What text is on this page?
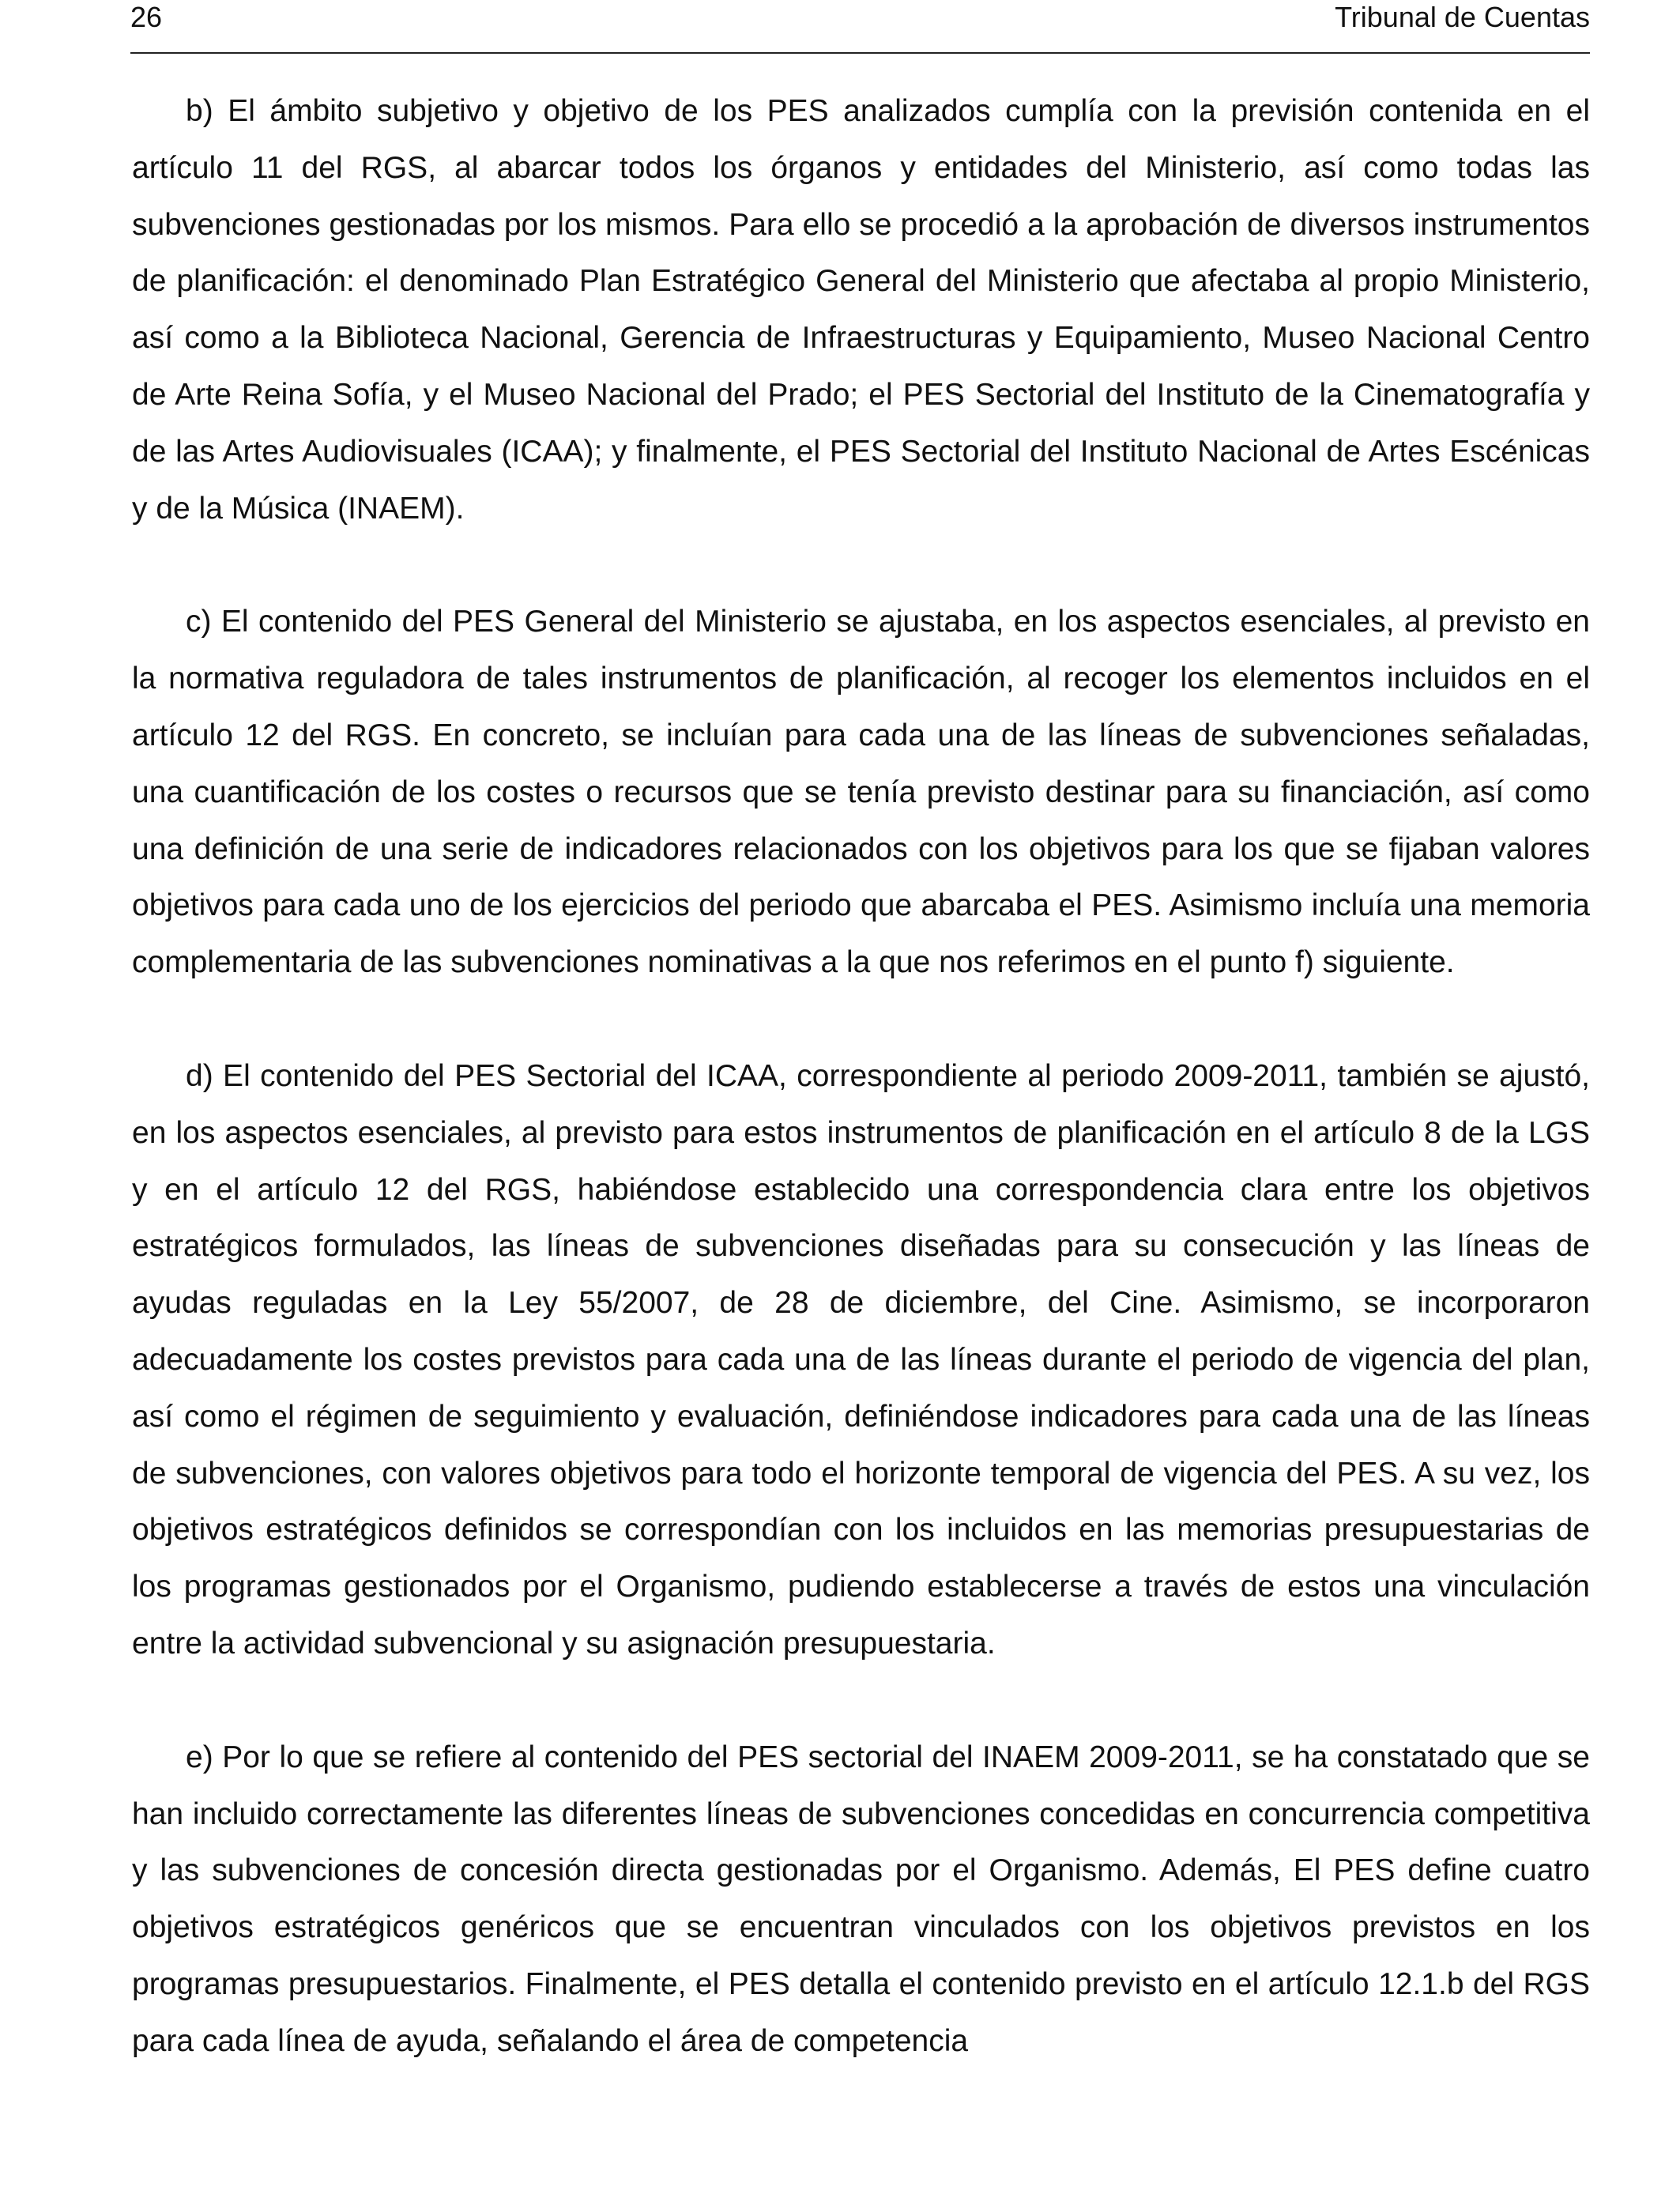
26	Tribunal de Cuentas

b) El ámbito subjetivo y objetivo de los PES analizados cumplía con la previsión contenida en el artículo 11 del RGS, al abarcar todos los órganos y entidades del Ministerio, así como todas las subvenciones gestionadas por los mismos. Para ello se procedió a la aprobación de diversos instrumentos de planificación: el denominado Plan Estratégico General del Ministerio que afectaba al propio Ministerio, así como a la Biblioteca Nacional, Gerencia de Infraestructuras y Equipamiento, Museo Nacional Centro de Arte Reina Sofía, y el Museo Nacional del Prado; el PES Sectorial del Instituto de la Cinematografía y de las Artes Audiovisuales (ICAA); y finalmente, el PES Sectorial del Instituto Nacional de Artes Escénicas y de la Música (INAEM).

c) El contenido del PES General del Ministerio se ajustaba, en los aspectos esenciales, al previsto en la normativa reguladora de tales instrumentos de planificación, al recoger los elementos incluidos en el artículo 12 del RGS. En concreto, se incluían para cada una de las líneas de subvenciones señaladas, una cuantificación de los costes o recursos que se tenía previsto destinar para su financiación, así como una definición de una serie de indicadores relacionados con los objetivos para los que se fijaban valores objetivos para cada uno de los ejercicios del periodo que abarcaba el PES. Asimismo incluía una memoria complementaria de las subvenciones nominativas a la que nos referimos en el punto f) siguiente.

d) El contenido del PES Sectorial del ICAA, correspondiente al periodo 2009-2011, también se ajustó, en los aspectos esenciales, al previsto para estos instrumentos de planificación en el artículo 8 de la LGS y en el artículo 12 del RGS, habiéndose establecido una correspondencia clara entre los objetivos estratégicos formulados, las líneas de subvenciones diseñadas para su consecución y las líneas de ayudas reguladas en la Ley 55/2007, de 28 de diciembre, del Cine. Asimismo, se incorporaron adecuadamente los costes previstos para cada una de las líneas durante el periodo de vigencia del plan, así como el régimen de seguimiento y evaluación, definiéndose indicadores para cada una de las líneas de subvenciones, con valores objetivos para todo el horizonte temporal de vigencia del PES. A su vez, los objetivos estratégicos definidos se correspondían con los incluidos en las memorias presupuestarias de los programas gestionados por el Organismo, pudiendo establecerse a través de estos una vinculación entre la actividad subvencional y su asignación presupuestaria.

e) Por lo que se refiere al contenido del PES sectorial del INAEM 2009-2011, se ha constatado que se han incluido correctamente las diferentes líneas de subvenciones concedidas en concurrencia competitiva y las subvenciones de concesión directa gestionadas por el Organismo. Además, El PES define cuatro objetivos estratégicos genéricos que se encuentran vinculados con los objetivos previstos en los programas presupuestarios. Finalmente, el PES detalla el contenido previsto en el artículo 12.1.b del RGS para cada línea de ayuda, señalando el área de competencia
